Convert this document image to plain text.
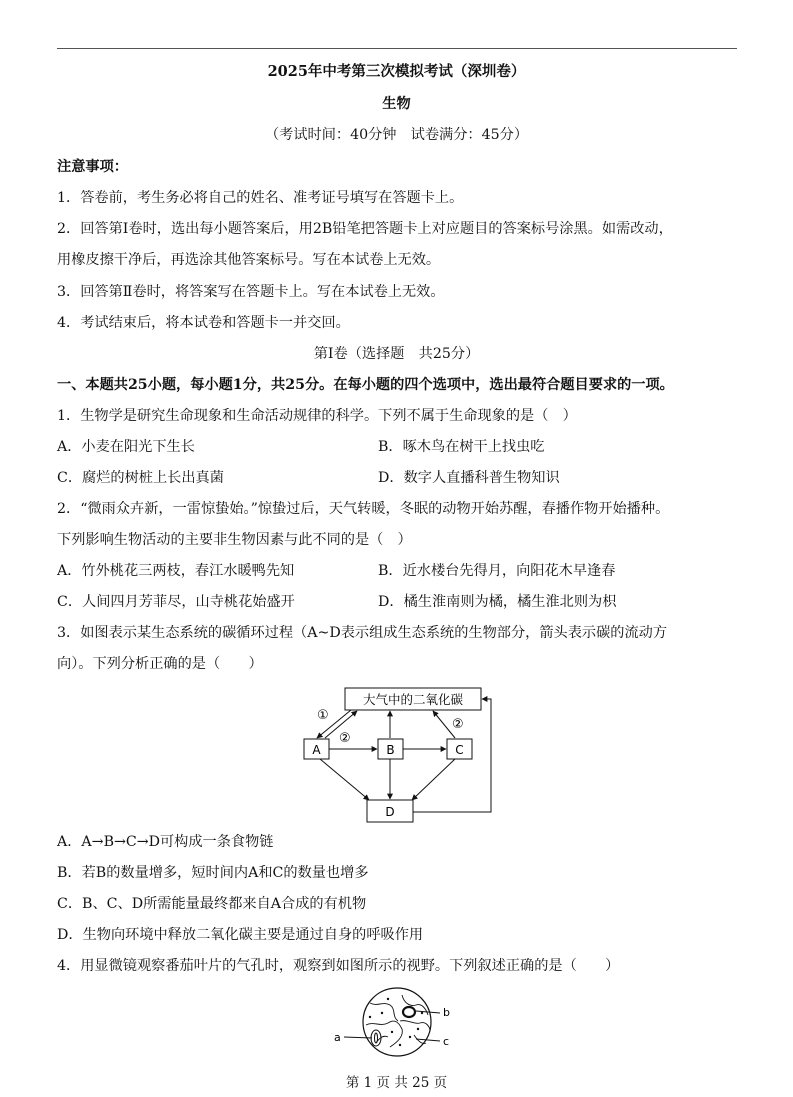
2025年中考第三次模拟考试（深圳卷）
生物
（考试时间：40分钟　试卷满分：45分）
注意事项：
1．答卷前，考生务必将自己的姓名、准考证号填写在答题卡上。
2．回答第Ⅰ卷时，选出每小题答案后，用2B铅笔把答题卡上对应题目的答案标号涂黑。如需改动，
用橡皮擦干净后，再选涂其他答案标号。写在本试卷上无效。
3．回答第Ⅱ卷时，将答案写在答题卡上。写在本试卷上无效。
4．考试结束后，将本试卷和答题卡一并交回。
第Ⅰ卷（选择题　共25分）
一、本题共25小题，每小题1分，共25分。在每小题的四个选项中，选出最符合题目要求的一项。
1．生物学是研究生命现象和生命活动规律的科学。下列不属于生命现象的是（　）
A．小麦在阳光下生长	B．啄木鸟在树干上找虫吃
C．腐烂的树桩上长出真菌	D．数字人直播科普生物知识
2．“微雨众卉新，一雷惊蛰始。”惊蛰过后，天气转暖，冬眠的动物开始苏醒，春播作物开始播种。
下列影响生物活动的主要非生物因素与此不同的是（　）
A．竹外桃花三两枝，春江水暖鸭先知	B．近水楼台先得月，向阳花木早逢春
C．人间四月芳菲尽，山寺桃花始盛开	D．橘生淮南则为橘，橘生淮北则为枳
3．如图表示某生态系统的碳循环过程（A~D表示组成生态系统的生物部分，箭头表示碳的流动方
向）。下列分析正确的是（　　）
大气中的二氧化碳
A	B	C
D
①
②
②
A．A→B→C→D可构成一条食物链
B．若B的数量增多，短时间内A和C的数量也增多
C．B、C、D所需能量最终都来自A合成的有机物
D．生物向环境中释放二氧化碳主要是通过自身的呼吸作用
4．用显微镜观察番茄叶片的气孔时，观察到如图所示的视野。下列叙述正确的是（　　）
a
b
c
第 1 页 共 25 页
